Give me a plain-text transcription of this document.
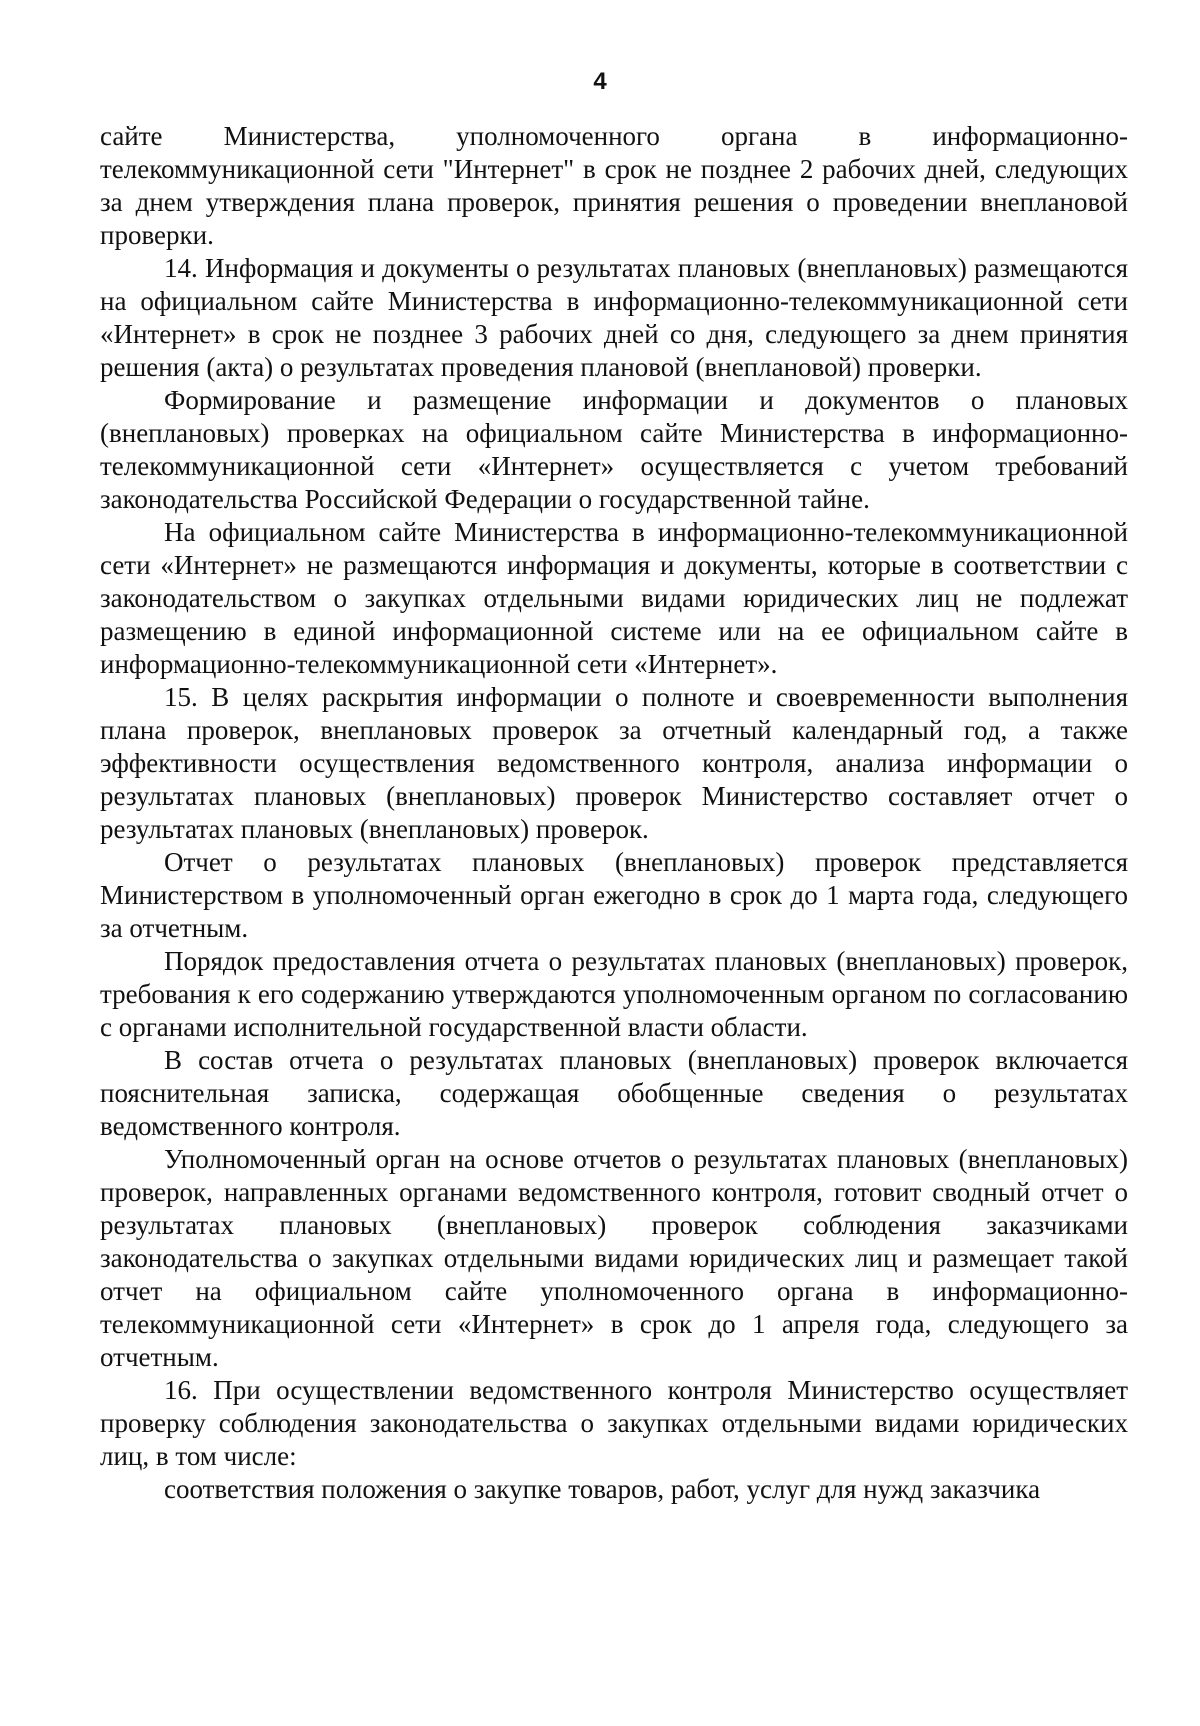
4

сайте Министерства, уполномоченного органа в информационно-телекоммуникационной сети "Интернет" в срок не позднее 2 рабочих дней, следующих за днем утверждения плана проверок, принятия решения о проведении внеплановой проверки.

14. Информация и документы о результатах плановых (внеплановых) размещаются на официальном сайте Министерства в информационно-телекоммуникационной сети «Интернет» в срок не позднее 3 рабочих дней со дня, следующего за днем принятия решения (акта) о результатах проведения плановой (внеплановой) проверки.

Формирование и размещение информации и документов о плановых (внеплановых) проверках на официальном сайте Министерства в информационно-телекоммуникационной сети «Интернет» осуществляется с учетом требований законодательства Российской Федерации о государственной тайне.

На официальном сайте Министерства в информационно-телекоммуникационной сети «Интернет» не размещаются информация и документы, которые в соответствии с законодательством о закупках отдельными видами юридических лиц не подлежат размещению в единой информационной системе или на ее официальном сайте в информационно-телекоммуникационной сети «Интернет».

15. В целях раскрытия информации о полноте и своевременности выполнения плана проверок, внеплановых проверок за отчетный календарный год, а также эффективности осуществления ведомственного контроля, анализа информации о результатах плановых (внеплановых) проверок Министерство составляет отчет о результатах плановых (внеплановых) проверок.

Отчет о результатах плановых (внеплановых) проверок представляется Министерством в уполномоченный орган ежегодно в срок до 1 марта года, следующего за отчетным.

Порядок предоставления отчета о результатах плановых (внеплановых) проверок, требования к его содержанию утверждаются уполномоченным органом по согласованию с органами исполнительной государственной власти области.

В состав отчета о результатах плановых (внеплановых) проверок включается пояснительная записка, содержащая обобщенные сведения о результатах ведомственного контроля.

Уполномоченный орган на основе отчетов о результатах плановых (внеплановых) проверок, направленных органами ведомственного контроля, готовит сводный отчет о результатах плановых (внеплановых) проверок соблюдения заказчиками законодательства о закупках отдельными видами юридических лиц и размещает такой отчет на официальном сайте уполномоченного органа в информационно-телекоммуникационной сети «Интернет» в срок до 1 апреля года, следующего за отчетным.

16. При осуществлении ведомственного контроля Министерство осуществляет проверку соблюдения законодательства о закупках отдельными видами юридических лиц, в том числе:

соответствия положения о закупке товаров, работ, услуг для нужд заказчика
